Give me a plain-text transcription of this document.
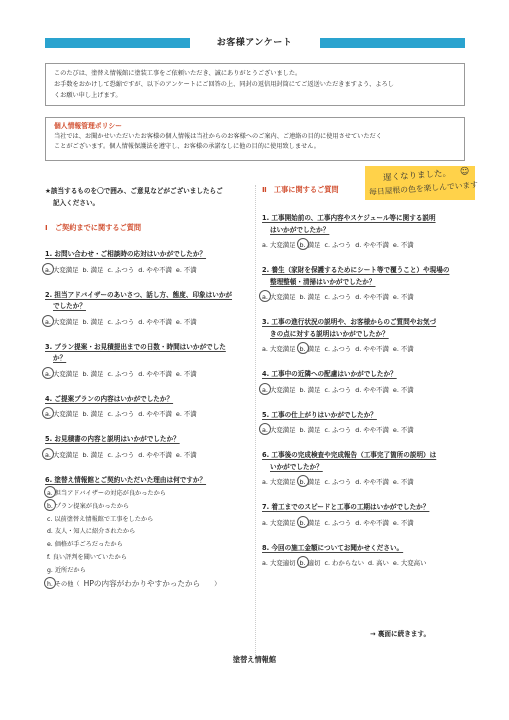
お客様アンケート
このたびは、塗替え情報館に塗装工事をご依頼いただき、誠にありがとうございました。
お手数をおかけして恐縮ですが、以下のアンケートにご回答の上、同封の返信用封筒にてご返送いただきますよう、よろし
くお願い申し上げます。
個人情報管理ポリシー
当社では、お聞かせいただいたお客様の個人情報は当社からのお客様へのご案内、ご連絡の目的に使用させていただく
ことがございます。個人情報保護法を遵守し、お客様の承諾なしに他の目的に使用致しません。
遅くなりました。 ☺
毎日屋根の色を楽しんでいます
★該当するものを〇で囲み、ご意見などがございましたらご
記入ください。
Ⅰ　ご契約までに関するご質問
1. お問い合わせ・ご相談時の応対はいかがでしたか？
a. 大変満足 b. 満足 c. ふつう d. やや不満 e. 不満
2. 担当アドバイザーのあいさつ、話し方、態度、印象はいかが
でしたか？
a. 大変満足 b. 満足 c. ふつう d. やや不満 e. 不満
3. プラン提案・お見積提出までの日数・時間はいかがでした
か？
a. 大変満足 b. 満足 c. ふつう d. やや不満 e. 不満
4. ご提案プランの内容はいかがでしたか？
a. 大変満足 b. 満足 c. ふつう d. やや不満 e. 不満
5. お見積書の内容と説明はいかがでしたか？
a. 大変満足 b. 満足 c. ふつう d. やや不満 e. 不満
6. 塗替え情報館とご契約いただいた理由は何ですか？
a. 担当アドバイザーの対応が良かったから
b. プラン提案が良かったから
c. 以前塗替え情報館で工事をしたから
d. 友人・知人に紹介されたから
e. 価格が手ごろだったから
f. 良い評判を聞いていたから
g. 近所だから
h. その他（ HPの内容がわかりやすかったから ）
Ⅱ　工事に関するご質問
1. 工事開始前の、工事内容やスケジュール等に関する説明
はいかがでしたか？
a. 大変満足 b. 満足 c. ふつう d. やや不満 e. 不満
2. 養生（家財を保護するためにシート等で覆うこと）や現場の
整理整頓・清掃はいかがでしたか？
a. 大変満足 b. 満足 c. ふつう d. やや不満 e. 不満
3. 工事の進行状況の説明や、お客様からのご質問やお気づ
きの点に対する説明はいかがでしたか？
a. 大変満足 b. 満足 c. ふつう d. やや不満 e. 不満
4. 工事中の近隣への配慮はいかがでしたか？
a. 大変満足 b. 満足 c. ふつう d. やや不満 e. 不満
5. 工事の仕上がりはいかがでしたか？
a. 大変満足 b. 満足 c. ふつう d. やや不満 e. 不満
6. 工事後の完成検査や完成報告（工事完了箇所の説明）は
いかがでしたか？
a. 大変満足 b. 満足 c. ふつう d. やや不満 e. 不満
7. 着工までのスピードと工事の工期はいかがでしたか？
a. 大変満足 b. 満足 c. ふつう d. やや不満 e. 不満
8. 今回の施工金額についてお聞かせください。
a. 大変適切 b. 適切 c. わからない d. 高い e. 大変高い
→ 裏面に続きます。
塗替え情報館
